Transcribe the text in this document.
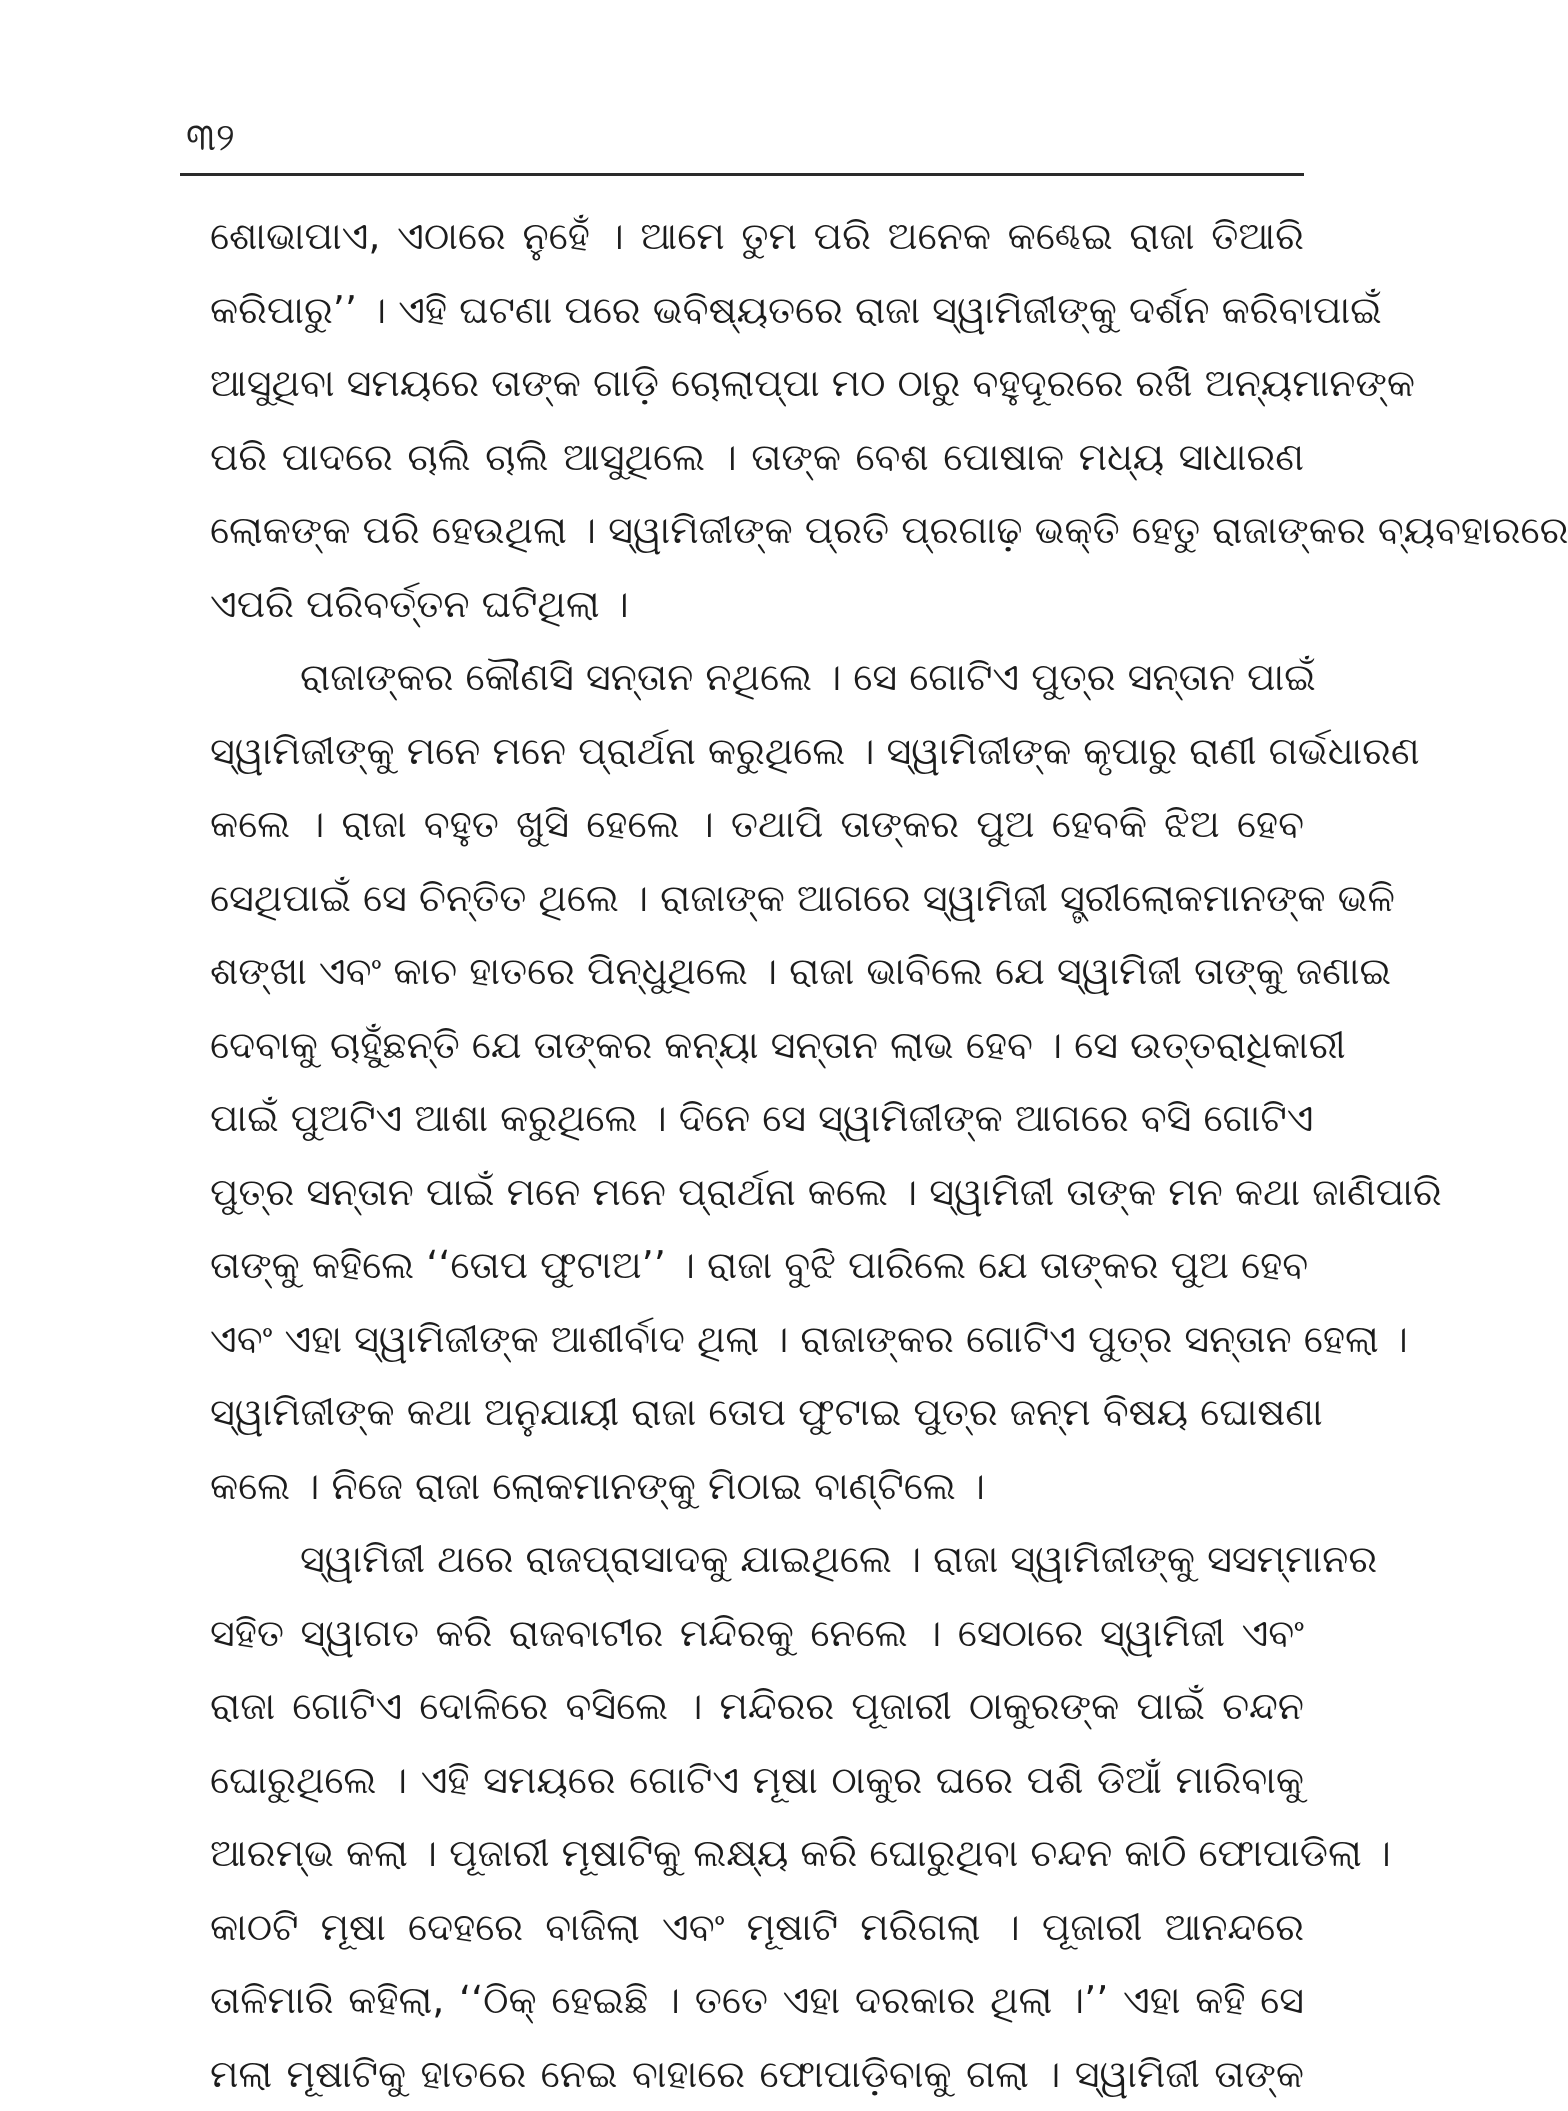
୩୨
ଶୋଭାପାଏ, ଏଠାରେ ନୁହେଁ । ଆମେ ତୁମ ପରି ଅନେକ କଣ୍ଢେଇ ରାଜା ତିଆରି
କରିପାରୁ’’ । ଏହି ଘଟଣା ପରେ ଭବିଷ୍ୟତରେ ରାଜା ସ୍ୱାମିଜୀଙ୍କୁ ଦର୍ଶନ କରିବାପାଇଁ
ଆସୁଥିବା ସମୟରେ ତାଙ୍କ ଗାଡ଼ି ଚୋଲାପ୍ପା ମଠ ଠାରୁ ବହୁଦୂରରେ ରଖି ଅନ୍ୟମାନଙ୍କ
ପରି ପାଦରେ ଚାଲି ଚାଲି ଆସୁଥିଲେ । ତାଙ୍କ ବେଶ ପୋଷାକ ମଧ୍ୟ ସାଧାରଣ
ଲୋକଙ୍କ ପରି ହେଉଥିଲା । ସ୍ୱାମିଜୀଙ୍କ ପ୍ରତି ପ୍ରଗାଢ଼ ଭକ୍ତି ହେତୁ ରାଜାଙ୍କର ବ୍ୟବହାରରେ
ଏପରି ପରିବର୍ତ୍ତନ ଘଟିଥିଲା ।
ରାଜାଙ୍କର କୌଣସି ସନ୍ତାନ ନଥିଲେ । ସେ ଗୋଟିଏ ପୁତ୍ର ସନ୍ତାନ ପାଇଁ
ସ୍ୱାମିଜୀଙ୍କୁ ମନେ ମନେ ପ୍ରାର୍ଥନା କରୁଥିଲେ । ସ୍ୱାମିଜୀଙ୍କ କୃପାରୁ ରାଣୀ ଗର୍ଭଧାରଣ
କଲେ । ରାଜା ବହୁତ ଖୁସି ହେଲେ । ତଥାପି ତାଙ୍କର ପୁଅ ହେବକି ଝିଅ ହେବ
ସେଥିପାଇଁ ସେ ଚିନ୍ତିତ ଥିଲେ । ରାଜାଙ୍କ ଆଗରେ ସ୍ୱାମିଜୀ ସ୍ତ୍ରୀଲୋକମାନଙ୍କ ଭଳି
ଶଙ୍ଖା ଏବଂ କାଚ ହାତରେ ପିନ୍ଧୁଥିଲେ । ରାଜା ଭାବିଲେ ଯେ ସ୍ୱାମିଜୀ ତାଙ୍କୁ ଜଣାଇ
ଦେବାକୁ ଚାହୁଁଛନ୍ତି ଯେ ତାଙ୍କର କନ୍ୟା ସନ୍ତାନ ଲାଭ ହେବ । ସେ ଉତ୍ତରାଧିକାରୀ
ପାଇଁ ପୁଅଟିଏ ଆଶା କରୁଥିଲେ । ଦିନେ ସେ ସ୍ୱାମିଜୀଙ୍କ ଆଗରେ ବସି ଗୋଟିଏ
ପୁତ୍ର ସନ୍ତାନ ପାଇଁ ମନେ ମନେ ପ୍ରାର୍ଥନା କଲେ । ସ୍ୱାମିଜୀ ତାଙ୍କ ମନ କଥା ଜାଣିପାରି
ତାଙ୍କୁ କହିଲେ ‘‘ତୋପ ଫୁଟାଅ’’ । ରାଜା ବୁଝି ପାରିଲେ ଯେ ତାଙ୍କର ପୁଅ ହେବ
ଏବଂ ଏହା ସ୍ୱାମିଜୀଙ୍କ ଆଶୀର୍ବାଦ ଥିଲା । ରାଜାଙ୍କର ଗୋଟିଏ ପୁତ୍ର ସନ୍ତାନ ହେଲା ।
ସ୍ୱାମିଜୀଙ୍କ କଥା ଅନୁଯାୟୀ ରାଜା ତୋପ ଫୁଟାଇ ପୁତ୍ର ଜନ୍ମ ବିଷୟ ଘୋଷଣା
କଲେ । ନିଜେ ରାଜା ଲୋକମାନଙ୍କୁ ମିଠାଇ ବାଣ୍ଟିଲେ ।
ସ୍ୱାମିଜୀ ଥରେ ରାଜପ୍ରାସାଦକୁ ଯାଇଥିଲେ । ରାଜା ସ୍ୱାମିଜୀଙ୍କୁ ସସମ୍ମାନର
ସହିତ ସ୍ୱାଗତ କରି ରାଜବାଟୀର ମନ୍ଦିରକୁ ନେଲେ । ସେଠାରେ ସ୍ୱାମିଜୀ ଏବଂ
ରାଜା ଗୋଟିଏ ଦୋଳିରେ ବସିଲେ । ମନ୍ଦିରର ପୂଜାରୀ ଠାକୁରଙ୍କ ପାଇଁ ଚନ୍ଦନ
ଘୋରୁଥିଲେ । ଏହି ସମୟରେ ଗୋଟିଏ ମୂଷା ଠାକୁର ଘରେ ପଶି ଡିଆଁ ମାରିବାକୁ
ଆରମ୍ଭ କଲା । ପୂଜାରୀ ମୂଷାଟିକୁ ଲକ୍ଷ୍ୟ କରି ଘୋରୁଥିବା ଚନ୍ଦନ କାଠି ଫୋପାଡିଲା ।
କାଠଟି ମୂଷା ଦେହରେ ବାଜିଲା ଏବଂ ମୂଷାଟି ମରିଗଲା । ପୂଜାରୀ ଆନନ୍ଦରେ
ତାଳିମାରି କହିଲା, ‘‘ଠିକ୍ ହେଇଛି । ତତେ ଏହା ଦରକାର ଥିଲା ।’’ ଏହା କହି ସେ
ମଲା ମୂଷାଟିକୁ ହାତରେ ନେଇ ବାହାରେ ଫୋପାଡ଼ିବାକୁ ଗଲା । ସ୍ୱାମିଜୀ ତାଙ୍କ
